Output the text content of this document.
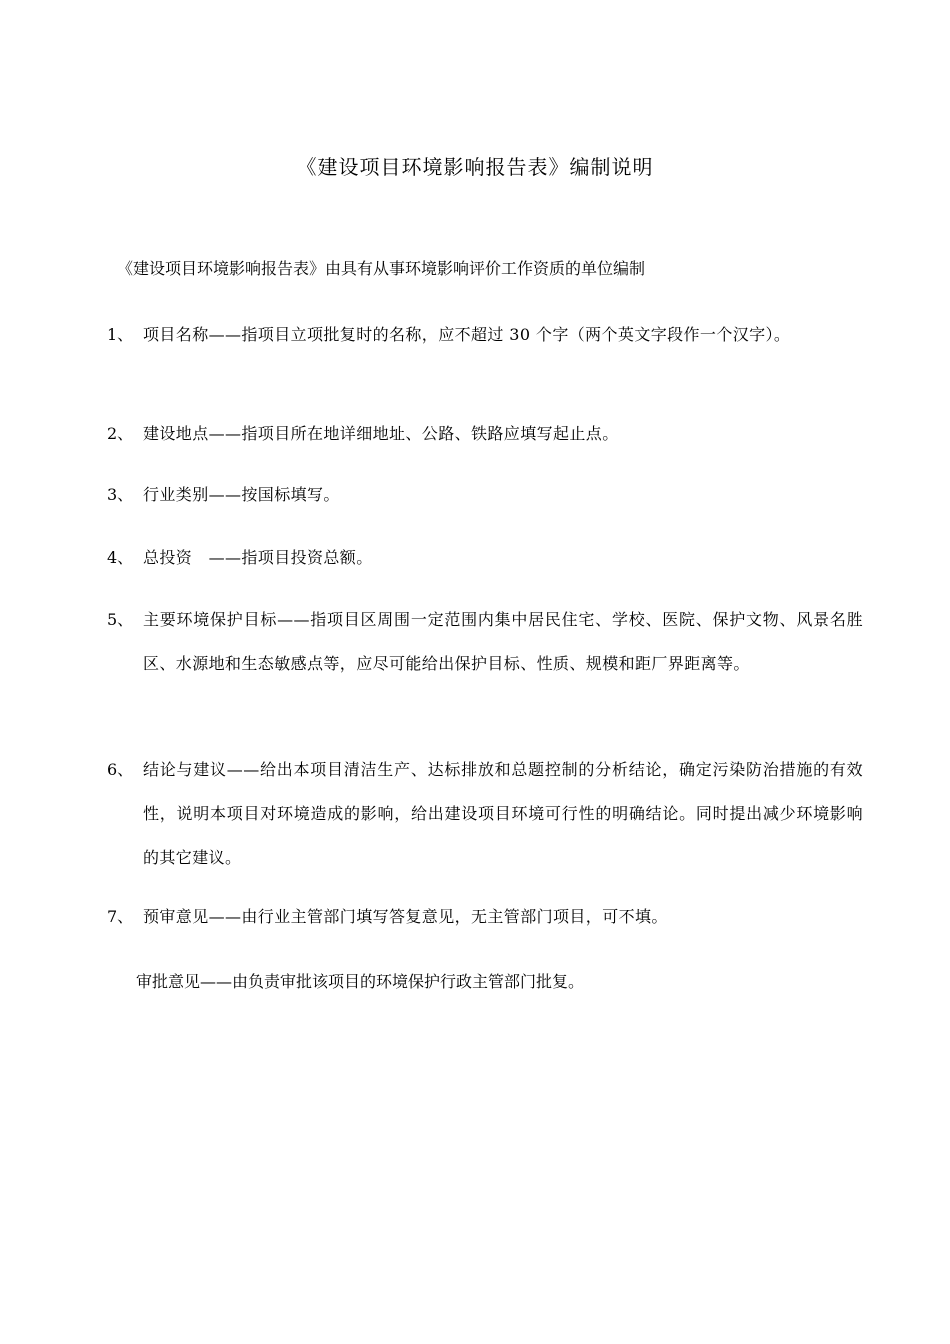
《建设项目环境影响报告表》编制说明
《建设项目环境影响报告表》由具有从事环境影响评价工作资质的单位编制
1、 项目名称——指项目立项批复时的名称，应不超过 30 个字（两个英文字段作一个汉字）。
2、 建设地点——指项目所在地详细地址、公路、铁路应填写起止点。
3、 行业类别——按国标填写。
4、 总投资　——指项目投资总额。
5、 主要环境保护目标——指项目区周围一定范围内集中居民住宅、学校、医院、保护文物、风景名胜区、水源地和生态敏感点等，应尽可能给出保护目标、性质、规模和距厂界距离等。
6、 结论与建议——给出本项目清洁生产、达标排放和总题控制的分析结论，确定污染防治措施的有效性，说明本项目对环境造成的影响，给出建设项目环境可行性的明确结论。同时提出减少环境影响的其它建议。
7、 预审意见——由行业主管部门填写答复意见，无主管部门项目，可不填。
审批意见——由负责审批该项目的环境保护行政主管部门批复。
